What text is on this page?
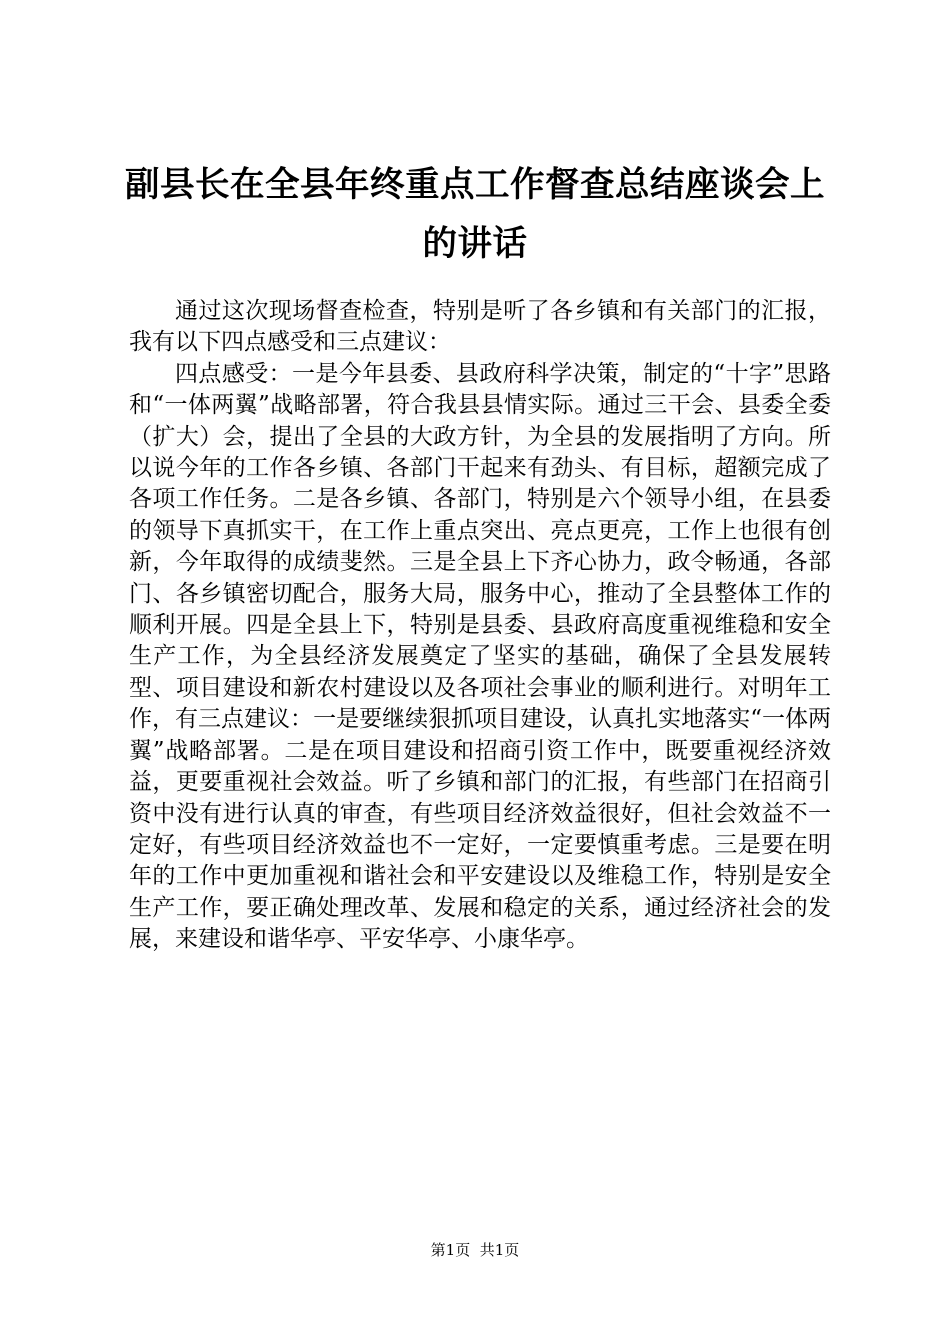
副县长在全县年终重点工作督查总结座谈会上的讲话

通过这次现场督查检查，特别是听了各乡镇和有关部门的汇报，我有以下四点感受和三点建议：

四点感受：一是今年县委、县政府科学决策，制定的“十字”思路和“一体两翼”战略部署，符合我县县情实际。通过三干会、县委全委（扩大）会，提出了全县的大政方针，为全县的发展指明了方向。所以说今年的工作各乡镇、各部门干起来有劲头、有目标，超额完成了各项工作任务。二是各乡镇、各部门，特别是六个领导小组，在县委的领导下真抓实干，在工作上重点突出、亮点更亮，工作上也很有创新，今年取得的成绩斐然。三是全县上下齐心协力，政令畅通，各部门、各乡镇密切配合，服务大局，服务中心，推动了全县整体工作的顺利开展。四是全县上下，特别是县委、县政府高度重视维稳和安全生产工作，为全县经济发展奠定了坚实的基础，确保了全县发展转型、项目建设和新农村建设以及各项社会事业的顺利进行。对明年工作，有三点建议：一是要继续狠抓项目建设，认真扎实地落实“一体两翼”战略部署。二是在项目建设和招商引资工作中，既要重视经济效益，更要重视社会效益。听了乡镇和部门的汇报，有些部门在招商引资中没有进行认真的审查，有些项目经济效益很好，但社会效益不一定好，有些项目经济效益也不一定好，一定要慎重考虑。三是要在明年的工作中更加重视和谐社会和平安建设以及维稳工作，特别是安全生产工作，要正确处理改革、发展和稳定的关系，通过经济社会的发展，来建设和谐华亭、平安华亭、小康华亭。

第1页 共1页
